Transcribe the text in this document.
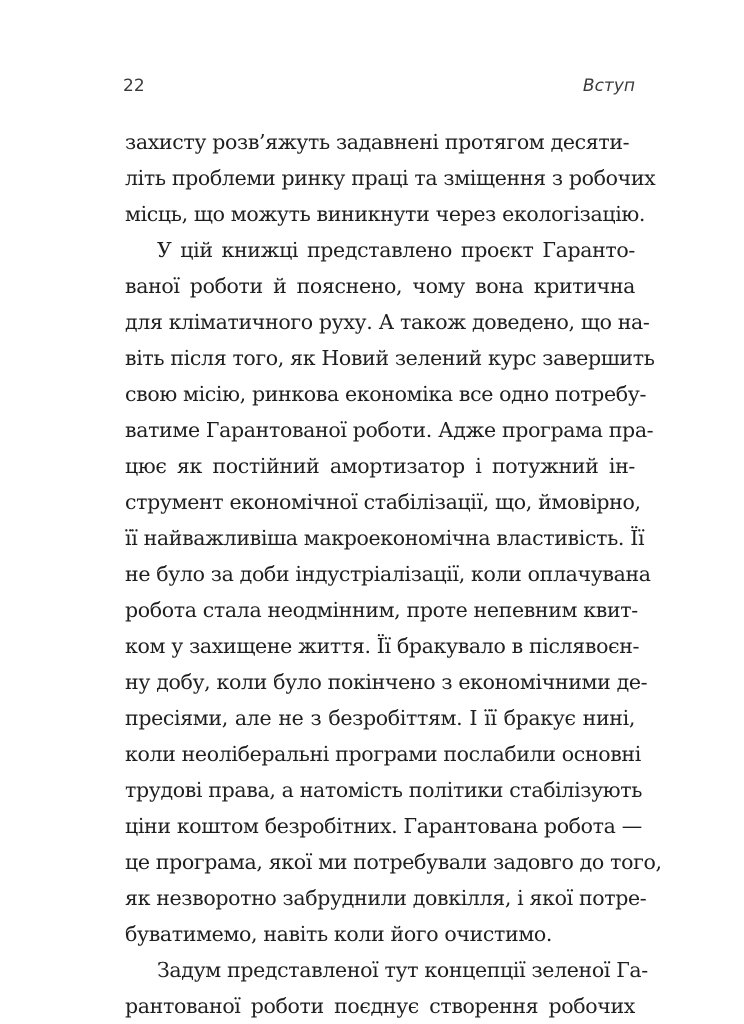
22	Вступ
захисту розв’яжуть задавнені протягом десяти-
літь проблеми ринку праці та зміщення з робочих
місць, що можуть виникнути через екологізацію.
У цій книжці представлено проєкт Гаранто-
ваної роботи й пояснено, чому вона критична
для кліматичного руху. А також доведено, що на-
віть після того, як Новий зелений курс завершить
свою місію, ринкова економіка все одно потребу-
ватиме Гарантованої роботи. Адже програма пра-
цює як постійний амортизатор і потужний ін-
струмент економічної стабілізації, що, ймовірно,
її найважливіша макроекономічна властивість. Її
не було за доби індустріалізації, коли оплачувана
робота стала неодмінним, проте непевним квит-
ком у захищене життя. Її бракувало в післявоєн-
ну добу, коли було покінчено з економічними де-
пресіями, але не з безробіттям. І її бракує нині,
коли неоліберальні програми послабили основні
трудові права, а натомість політики стабілізують
ціни коштом безробітних. Гарантована робота —
це програма, якої ми потребували задовго до того,
як незворотно забруднили довкілля, і якої потре-
буватимемо, навіть коли його очистимо.
Задум представленої тут концепції зеленої Га-
рантованої роботи поєднує створення робочих
